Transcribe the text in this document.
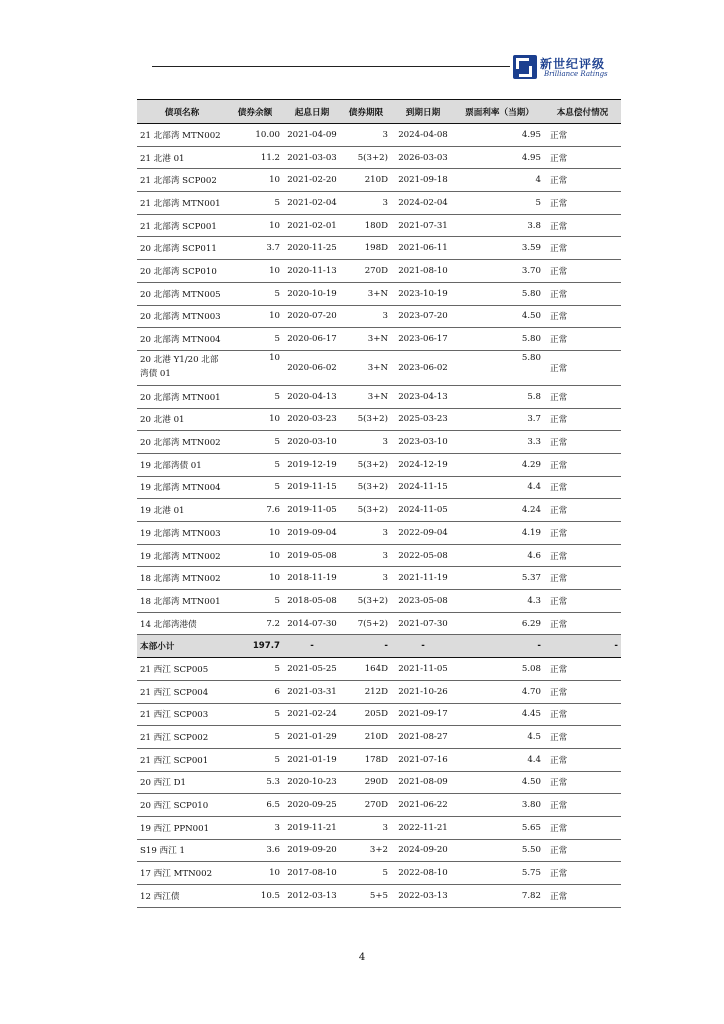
新世纪评级
Brilliance Ratings
债项名称	债券余额	起息日期	债券期限	到期日期	票面利率（当期）	本息偿付情况
21 北部湾 MTN002	10.00	2021-04-09	3	2024-04-08	4.95	正常
21 北港 01	11.2	2021-03-03	5(3+2)	2026-03-03	4.95	正常
21 北部湾 SCP002	10	2021-02-20	210D	2021-09-18	4	正常
21 北部湾 MTN001	5	2021-02-04	3	2024-02-04	5	正常
21 北部湾 SCP001	10	2021-02-01	180D	2021-07-31	3.8	正常
20 北部湾 SCP011	3.7	2020-11-25	198D	2021-06-11	3.59	正常
20 北部湾 SCP010	10	2020-11-13	270D	2021-08-10	3.70	正常
20 北部湾 MTN005	5	2020-10-19	3+N	2023-10-19	5.80	正常
20 北部湾 MTN003	10	2020-07-20	3	2023-07-20	4.50	正常
20 北部湾 MTN004	5	2020-06-17	3+N	2023-06-17	5.80	正常
20 北港 Y1/20 北部湾债 01	10	2020-06-02	3+N	2023-06-02	5.80	正常
20 北部湾 MTN001	5	2020-04-13	3+N	2023-04-13	5.8	正常
20 北港 01	10	2020-03-23	5(3+2)	2025-03-23	3.7	正常
20 北部湾 MTN002	5	2020-03-10	3	2023-03-10	3.3	正常
19 北部湾债 01	5	2019-12-19	5(3+2)	2024-12-19	4.29	正常
19 北部湾 MTN004	5	2019-11-15	5(3+2)	2024-11-15	4.4	正常
19 北港 01	7.6	2019-11-05	5(3+2)	2024-11-05	4.24	正常
19 北部湾 MTN003	10	2019-09-04	3	2022-09-04	4.19	正常
19 北部湾 MTN002	10	2019-05-08	3	2022-05-08	4.6	正常
18 北部湾 MTN002	10	2018-11-19	3	2021-11-19	5.37	正常
18 北部湾 MTN001	5	2018-05-08	5(3+2)	2023-05-08	4.3	正常
14 北部湾港债	7.2	2014-07-30	7(5+2)	2021-07-30	6.29	正常
本部小计	197.7	-	-	-	-	-
21 西江 SCP005	5	2021-05-25	164D	2021-11-05	5.08	正常
21 西江 SCP004	6	2021-03-31	212D	2021-10-26	4.70	正常
21 西江 SCP003	5	2021-02-24	205D	2021-09-17	4.45	正常
21 西江 SCP002	5	2021-01-29	210D	2021-08-27	4.5	正常
21 西江 SCP001	5	2021-01-19	178D	2021-07-16	4.4	正常
20 西江 D1	5.3	2020-10-23	290D	2021-08-09	4.50	正常
20 西江 SCP010	6.5	2020-09-25	270D	2021-06-22	3.80	正常
19 西江 PPN001	3	2019-11-21	3	2022-11-21	5.65	正常
S19 西江 1	3.6	2019-09-20	3+2	2024-09-20	5.50	正常
17 西江 MTN002	10	2017-08-10	5	2022-08-10	5.75	正常
12 西江债	10.5	2012-03-13	5+5	2022-03-13	7.82	正常
4
